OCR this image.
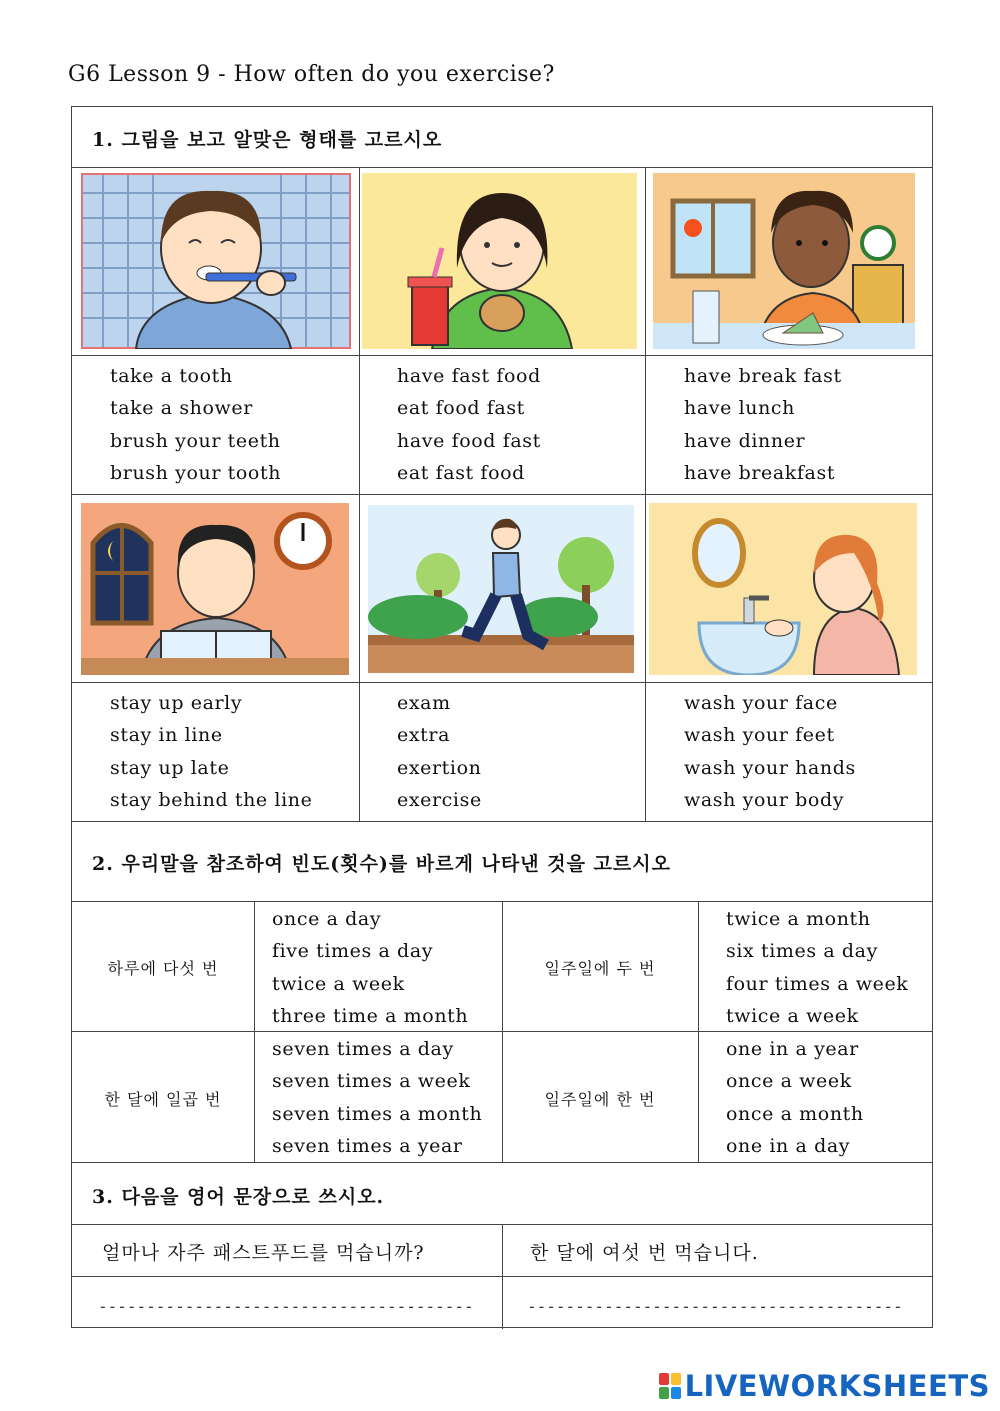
G6 Lesson 9 - How often do you exercise?
1. 그림을 보고 알맞은 형태를 고르시오
take a tooth
take a shower
brush your teeth
brush your tooth
have fast food
eat food fast
have food fast
eat fast food
have break fast
have lunch
have dinner
have breakfast
stay up early
stay in line
stay up late
stay behind the line
exam
extra
exertion
exercise
wash your face
wash your feet
wash your hands
wash your body
2. 우리말을 참조하여 빈도(횟수)를 바르게 나타낸 것을 고르시오
하루에 다섯 번
once a day
five times a day
twice a week
three time a month
일주일에 두 번
twice a month
six times a day
four times a week
twice a week
한 달에 일곱 번
seven times a day
seven times a week
seven times a month
seven times a year
일주일에 한 번
one in a year
once a week
once a month
one in a day
3. 다음을 영어 문장으로 쓰시오.
얼마나 자주 패스트푸드를 먹습니까?	한 달에 여섯 번 먹습니다.
---------------------------------------	---------------------------------------
LIVEWORKSHEETS
